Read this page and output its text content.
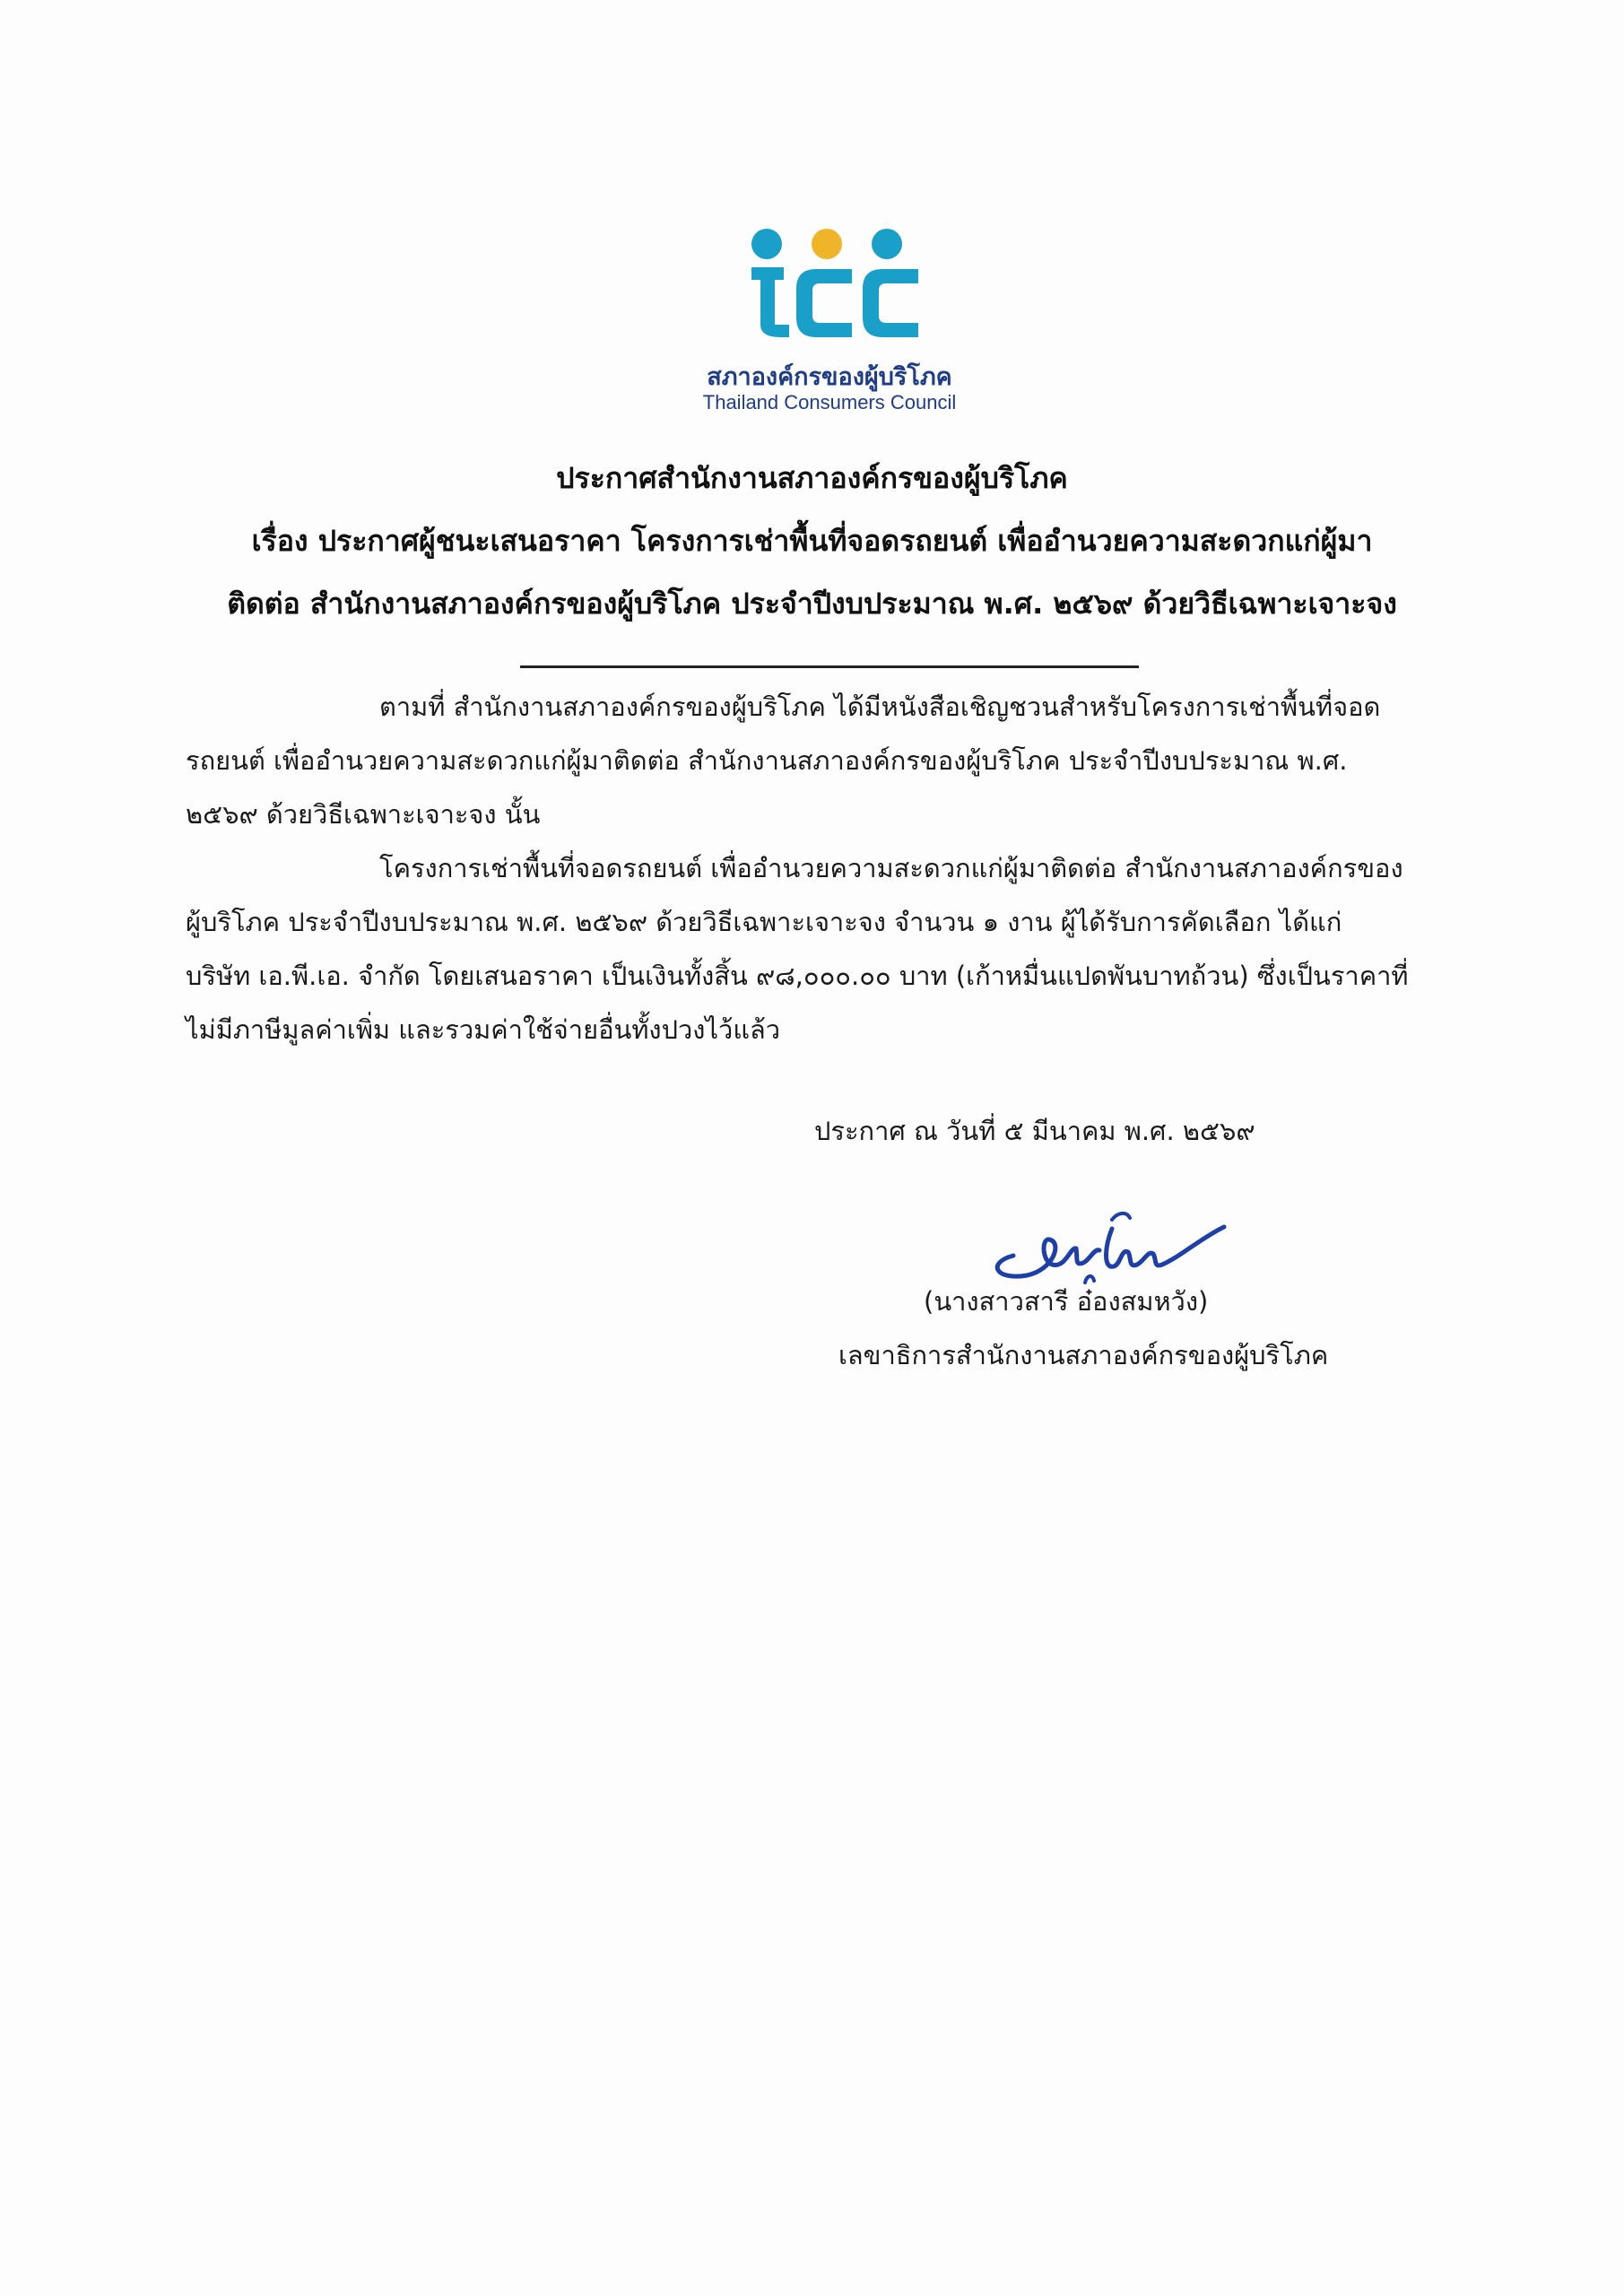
สภาองค์กรของผู้บริโภค
Thailand Consumers Council
ประกาศสำนักงานสภาองค์กรของผู้บริโภค
เรื่อง ประกาศผู้ชนะเสนอราคา โครงการเช่าพื้นที่จอดรถยนต์ เพื่ออำนวยความสะดวกแก่ผู้มา
ติดต่อ สำนักงานสภาองค์กรของผู้บริโภค ประจำปีงบประมาณ พ.ศ. ๒๕๖๙ ด้วยวิธีเฉพาะเจาะจง
ตามที่ สำนักงานสภาองค์กรของผู้บริโภค ได้มีหนังสือเชิญชวนสำหรับโครงการเช่าพื้นที่จอด
รถยนต์ เพื่ออำนวยความสะดวกแก่ผู้มาติดต่อ สำนักงานสภาองค์กรของผู้บริโภค ประจำปีงบประมาณ พ.ศ.
๒๕๖๙ ด้วยวิธีเฉพาะเจาะจง นั้น
โครงการเช่าพื้นที่จอดรถยนต์ เพื่ออำนวยความสะดวกแก่ผู้มาติดต่อ สำนักงานสภาองค์กรของ
ผู้บริโภค ประจำปีงบประมาณ พ.ศ. ๒๕๖๙ ด้วยวิธีเฉพาะเจาะจง จำนวน ๑ งาน ผู้ได้รับการคัดเลือก ได้แก่
บริษัท เอ.พี.เอ. จำกัด โดยเสนอราคา เป็นเงินทั้งสิ้น ๙๘,๐๐๐.๐๐ บาท (เก้าหมื่นแปดพันบาทถ้วน) ซึ่งเป็นราคาที่
ไม่มีภาษีมูลค่าเพิ่ม และรวมค่าใช้จ่ายอื่นทั้งปวงไว้แล้ว
ประกาศ ณ วันที่ ๕ มีนาคม พ.ศ. ๒๕๖๙
(นางสาวสารี อ๋องสมหวัง)
เลขาธิการสำนักงานสภาองค์กรของผู้บริโภค
